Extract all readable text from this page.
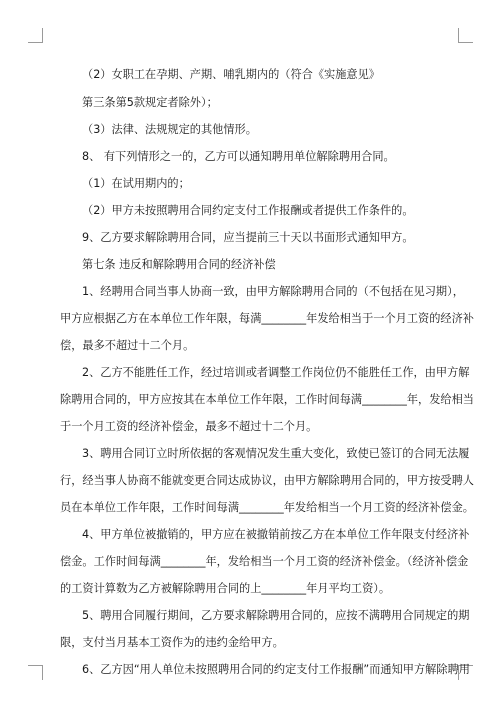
（2）女职工在孕期、产期、哺乳期内的（符合《实施意见》
第三条第5款规定者除外）；
（3）法律、法规规定的其他情形。
8、 有下列情形之一的，乙方可以通知聘用单位解除聘用合同。
（1）在试用期内的；
（2）甲方未按照聘用合同约定支付工作报酬或者提供工作条件的。
9、乙方要求解除聘用合同，应当提前三十天以书面形式通知甲方。
第七条 违反和解除聘用合同的经济补偿
1、经聘用合同当事人协商一致，由甲方解除聘用合同的（不包括在见习期），
甲方应根据乙方在本单位工作年限，每满________年发给相当于一个月工资的经济补
偿，最多不超过十二个月。
2、乙方不能胜任工作，经过培训或者调整工作岗位仍不能胜任工作，由甲方解
除聘用合同的，甲方应按其在本单位工作年限，工作时间每满________年，发给相当
于一个月工资的经济补偿金，最多不超过十二个月。
3、聘用合同订立时所依据的客观情况发生重大变化，致使已签订的合同无法履
行，经当事人协商不能就变更合同达成协议，由甲方解除聘用合同的，甲方按受聘人
员在本单位工作年限，工作时间每满________年发给相当一个月工资的经济补偿金。
4、甲方单位被撤销的，甲方应在被撤销前按乙方在本单位工作年限支付经济补
偿金。工作时间每满________年，发给相当一个月工资的经济补偿金。（经济补偿金
的工资计算数为乙方被解除聘用合同的上________年月平均工资）。
5、聘用合同履行期间，乙方要求解除聘用合同的，应按不满聘用合同规定的期
限，支付当月基本工资作为的违约金给甲方。
6、乙方因“用人单位未按照聘用合同的约定支付工作报酬”而通知甲方解除聘用
